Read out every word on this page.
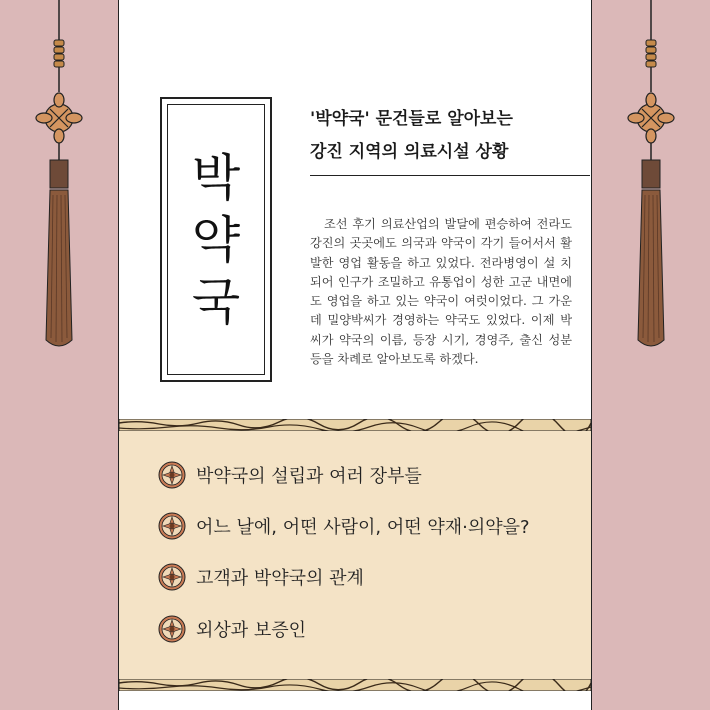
박
약
국
'박약국' 문건들로 알아보는
강진 지역의 의료시설 상황
조선 후기 의료산업의 발달에 편승하여 전라도 강진의 곳곳에도 의국과 약국이 각기 들어서서 활발한 영업 활동을 하고 있었다. 전라병영이 설 치되어 인구가 조밀하고 유통업이 성한 고군 내면에도 영업을 하고 있는 약국이 여럿이었다. 그 가운데 밀양박씨가 경영하는 약국도 있었다. 이제 박씨가 약국의 이름, 등장 시기, 경영주, 출신 성분 등을 차례로 알아보도록 하겠다.
박약국의 설립과 여러 장부들
어느 날에, 어떤 사람이, 어떤 약재·의약을?
고객과 박약국의 관계
외상과 보증인
